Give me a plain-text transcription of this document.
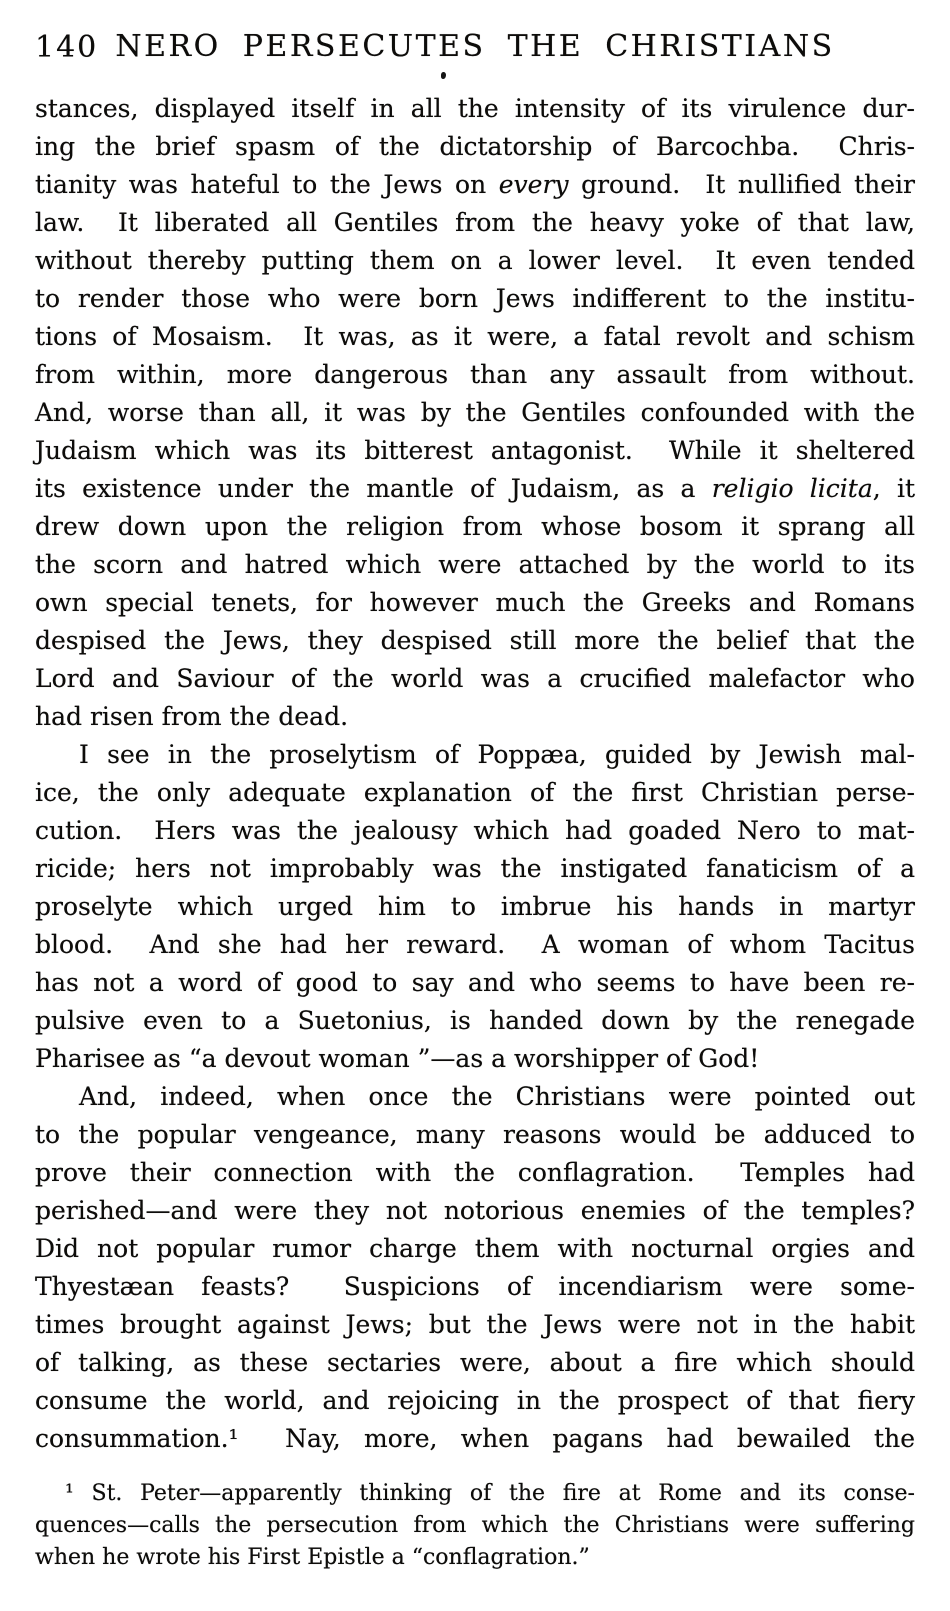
140 NERO PERSECUTES THE CHRISTIANS
stances, displayed itself in all the intensity of its virulence dur-
ing the brief spasm of the dictatorship of Barcochba.  Chris-
tianity was hateful to the Jews on every ground.  It nullified their
law.  It liberated all Gentiles from the heavy yoke of that law,
without thereby putting them on a lower level.  It even tended
to render those who were born Jews indifferent to the institu-
tions of Mosaism.  It was, as it were, a fatal revolt and schism
from within, more dangerous than any assault from without.
And, worse than all, it was by the Gentiles confounded with the
Judaism which was its bitterest antagonist.  While it sheltered
its existence under the mantle of Judaism, as a religio licita, it
drew down upon the religion from whose bosom it sprang all
the scorn and hatred which were attached by the world to its
own special tenets, for however much the Greeks and Romans
despised the Jews, they despised still more the belief that the
Lord and Saviour of the world was a crucified malefactor who
had risen from the dead.
I see in the proselytism of Poppæa, guided by Jewish mal-
ice, the only adequate explanation of the first Christian perse-
cution.  Hers was the jealousy which had goaded Nero to mat-
ricide; hers not improbably was the instigated fanaticism of a
proselyte which urged him to imbrue his hands in martyr
blood.  And she had her reward.  A woman of whom Tacitus
has not a word of good to say and who seems to have been re-
pulsive even to a Suetonius, is handed down by the renegade
Pharisee as “a devout woman ”—as a worshipper of God!
And, indeed, when once the Christians were pointed out
to the popular vengeance, many reasons would be adduced to
prove their connection with the conflagration.  Temples had
perished—and were they not notorious enemies of the temples?
Did not popular rumor charge them with nocturnal orgies and
Thyestæan feasts?  Suspicions of incendiarism were some-
times brought against Jews; but the Jews were not in the habit
of talking, as these sectaries were, about a fire which should
consume the world, and rejoicing in the prospect of that fiery
consummation.¹  Nay, more, when pagans had bewailed the
¹ St. Peter—apparently thinking of the fire at Rome and its conse-
quences—calls the persecution from which the Christians were suffering
when he wrote his First Epistle a “conflagration.”
